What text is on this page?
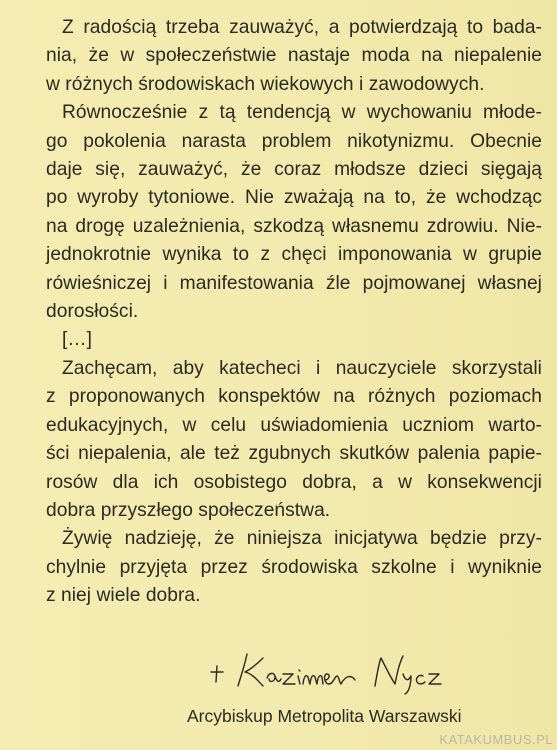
Z radością trzeba zauważyć, a potwierdzają to bada-
nia, że w społeczeństwie nastaje moda na niepalenie
w różnych środowiskach wiekowych i zawodowych.

Równocześnie z tą tendencją w wychowaniu młode-
go pokolenia narasta problem nikotynizmu. Obecnie
daje się, zauważyć, że coraz młodsze dzieci sięgają
po wyroby tytoniowe. Nie zważają na to, że wchodząc
na drogę uzależnienia, szkodzą własnemu zdrowiu. Nie-
jednokrotnie wynika to z chęci imponowania w grupie
rówieśniczej i manifestowania źle pojmowanej własnej
dorosłości.

[…]

Zachęcam, aby katecheci i nauczyciele skorzystali
z proponowanych konspektów na różnych poziomach
edukacyjnych, w celu uświadomienia uczniom warto-
ści niepalenia, ale też zgubnych skutków palenia papie-
rosów dla ich osobistego dobra, a w konsekwencji
dobra przyszłego społeczeństwa.

Żywię nadzieję, że niniejsza inicjatywa będzie przy-
chylnie przyjęta przez środowiska szkolne i wyniknie
z niej wiele dobra.

Arcybiskup Metropolita Warszawski
KATAKUMBUS.PL
